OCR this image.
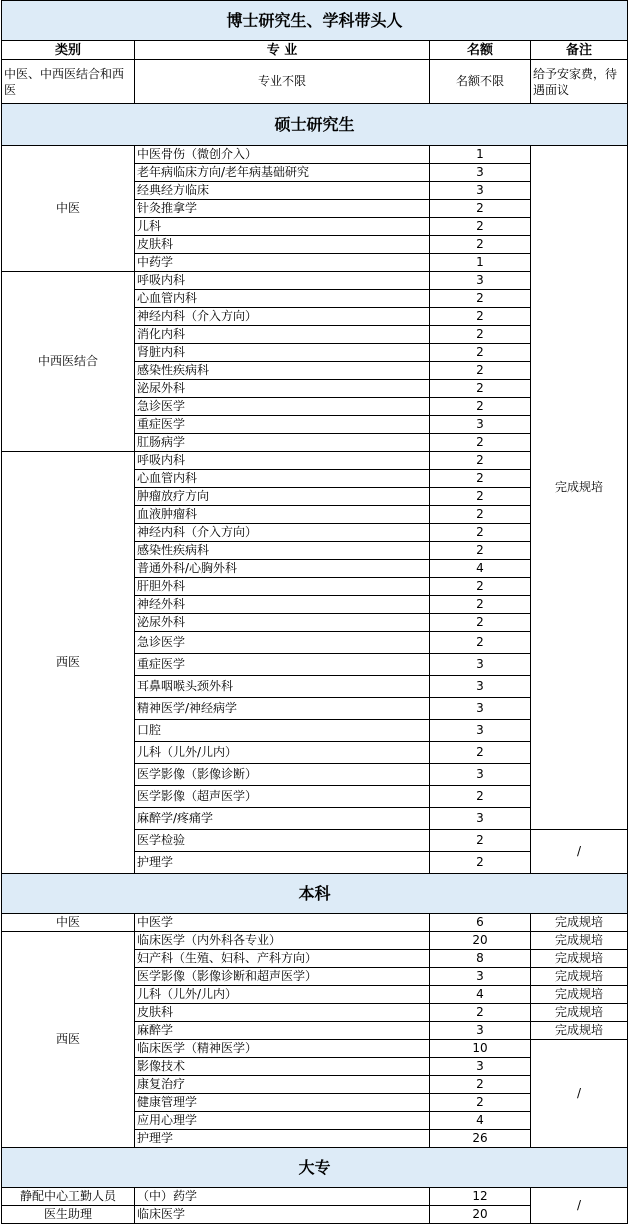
博士研究生、学科带头人			
类别	专 业	名额	备注
中医、中西医结合和西医	专业不限	名额不限	给予安家费，待遇面议
硕士研究生			
中医	中医骨伤（微创介入）	1	完成规培
	老年病临床方向/老年病基础研究	3	
	经典经方临床	3	
	针灸推拿学	2	
	儿科	2	
	皮肤科	2	
	中药学	1	
中西医结合	呼吸内科	3	
	心血管内科	2	
	神经内科（介入方向）	2	
	消化内科	2	
	肾脏内科	2	
	感染性疾病科	2	
	泌尿外科	2	
	急诊医学	2	
	重症医学	3	
	肛肠病学	2	
西医	呼吸内科	2	
	心血管内科	2	
	肿瘤放疗方向	2	
	血液肿瘤科	2	
	神经内科（介入方向）	2	
	感染性疾病科	2	
	普通外科/心胸外科	4	
	肝胆外科	2	
	神经外科	2	
	泌尿外科	2	
	急诊医学	2	
	重症医学	3	
	耳鼻咽喉头颈外科	3	
	精神医学/神经病学	3	
	口腔	3	
	儿科（儿外/儿内）	2	
	医学影像（影像诊断）	3	
	医学影像（超声医学）	2	
	麻醉学/疼痛学	3	
	医学检验	2	/
	护理学	2	
本科			
中医	中医学	6	完成规培
西医	临床医学（内外科各专业）	20	完成规培
	妇产科（生殖、妇科、产科方向）	8	完成规培
	医学影像（影像诊断和超声医学）	3	完成规培
	儿科（儿外/儿内）	4	完成规培
	皮肤科	2	完成规培
	麻醉学	3	完成规培
	临床医学（精神医学）	10	/
	影像技术	3	
	康复治疗	2	
	健康管理学	2	
	应用心理学	4	
	护理学	26	
大专			
静配中心工勤人员	（中）药学	12	/
医生助理	临床医学	20	
